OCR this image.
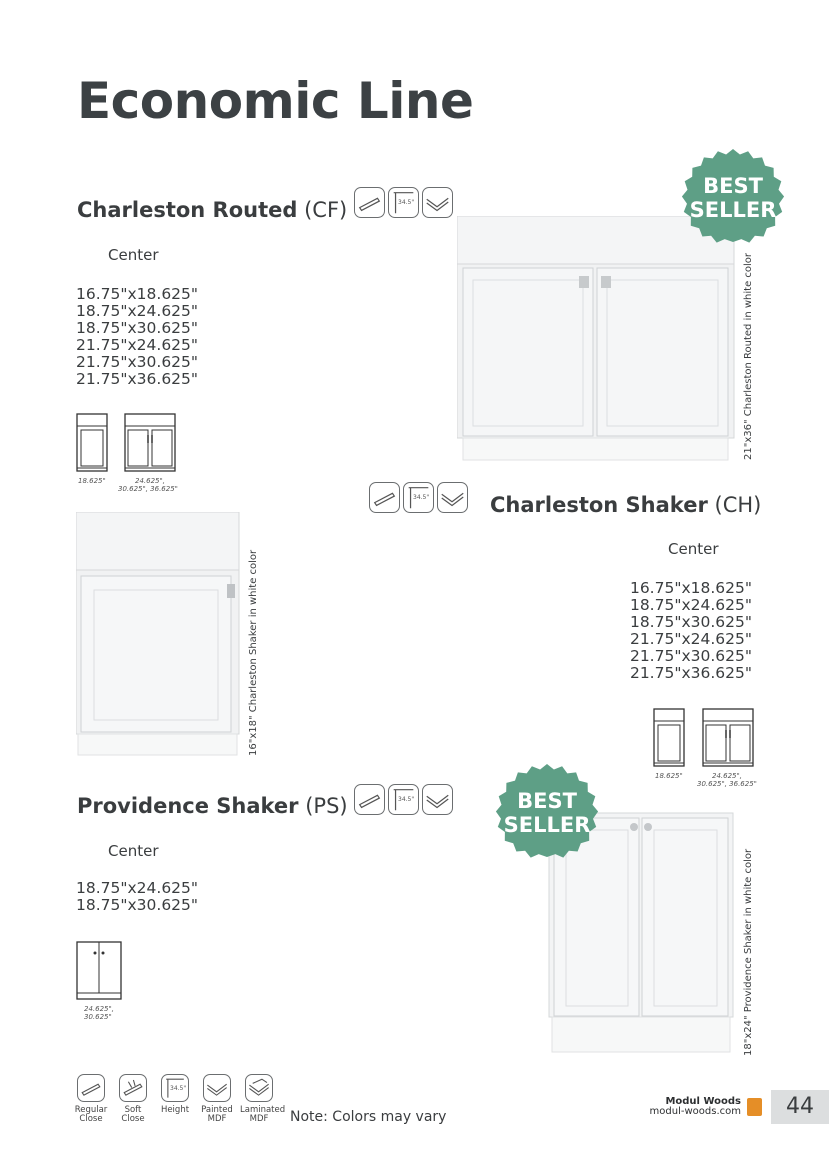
Economic Line
Charleston Routed (CF)	34.5"
Center
16.75"x18.625"
18.75"x24.625"
18.75"x30.625"
21.75"x24.625"
21.75"x30.625"
21.75"x36.625"
18.625"	24.625",
30.625", 36.625"
21"x36" Charleston Routed in white color
BEST
SELLER
34.5"	Charleston Shaker (CH)
Center
16.75"x18.625"
18.75"x24.625"
18.75"x30.625"
21.75"x24.625"
21.75"x30.625"
21.75"x36.625"
16"x18" Charleston Shaker in white color
18.625"	24.625",
30.625", 36.625"
Providence Shaker (PS)	34.5"
Center
18.75"x24.625"
18.75"x30.625"
24.625",
30.625"	18"x24" Providence Shaker in white color
BEST
SELLER
Regular
Close
Soft
Close
34.5"
Height	Painted
MDF
Laminated
MDF	Note: Colors may vary
Modul Woods
modul-woods.com	44
